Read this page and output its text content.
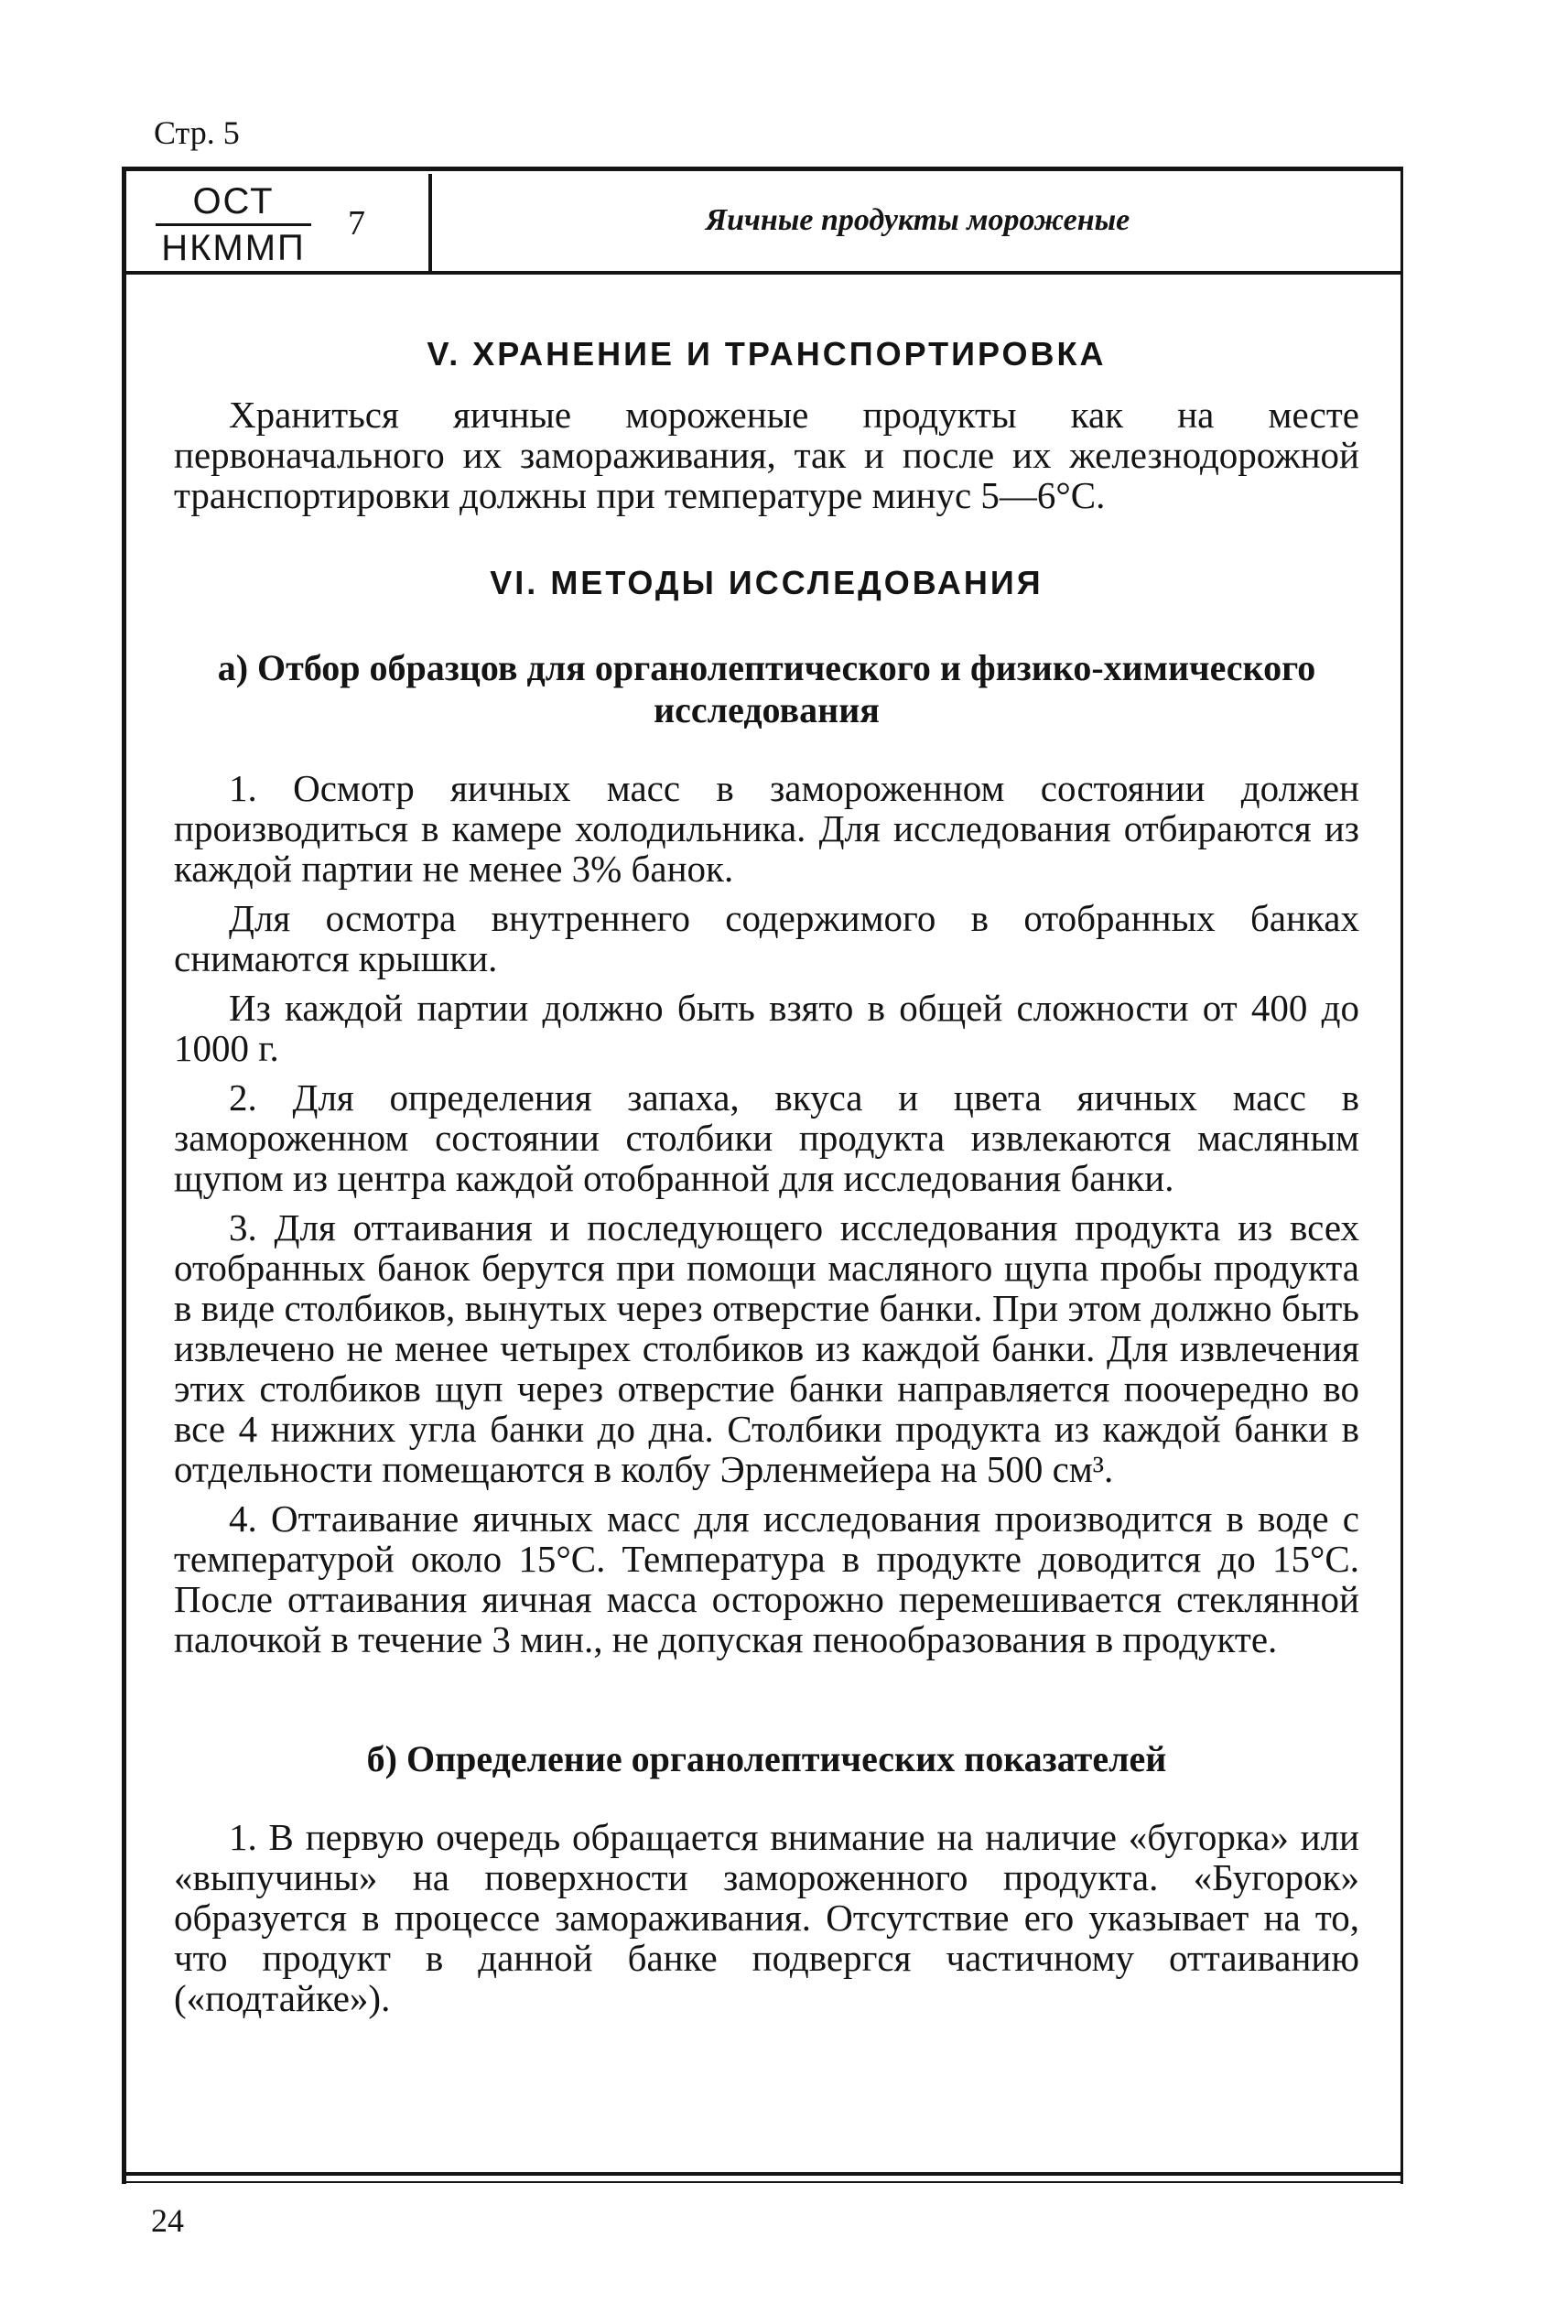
Стр. 5
ОСТ
НКММП
7	Яичные продукты мороженые
V. ХРАНЕНИЕ И ТРАНСПОРТИРОВКА

Храниться яичные мороженые продукты как на месте первоначального их замораживания, так и после их железнодорожной транспортировки должны при температуре минус 5—6°С.

VI. МЕТОДЫ ИССЛЕДОВАНИЯ
а) Отбор образцов для органолептического и физико-химического исследования

1. Осмотр яичных масс в замороженном состоянии должен производиться в камере холодильника. Для исследования отбираются из каждой партии не менее 3% банок.

Для осмотра внутреннего содержимого в отобранных банках снимаются крышки.

Из каждой партии должно быть взято в общей сложности от 400 до 1000 г.

2. Для определения запаха, вкуса и цвета яичных масс в замороженном состоянии столбики продукта извлекаются масляным щупом из центра каждой отобранной для исследования банки.

3. Для оттаивания и последующего исследования продукта из всех отобранных банок берутся при помощи масляного щупа пробы продукта в виде столбиков, вынутых через отверстие банки. При этом должно быть извлечено не менее четырех столбиков из каждой банки. Для извлечения этих столбиков щуп через отверстие банки направляется поочередно во все 4 нижних угла банки до дна. Столбики продукта из каждой банки в отдельности помещаются в колбу Эрленмейера на 500 см³.

4. Оттаивание яичных масс для исследования производится в воде с температурой около 15°С. Температура в продукте доводится до 15°С. После оттаивания яичная масса осторожно перемешивается стеклянной палочкой в течение 3 мин., не допуская пенообразования в продукте.

б) Определение органолептических показателей

1. В первую очередь обращается внимание на наличие «бугорка» или «выпучины» на поверхности замороженного продукта. «Бугорок» образуется в процессе замораживания. Отсутствие его указывает на то, что продукт в данной банке подвергся частичному оттаиванию («подтайке»).

24
